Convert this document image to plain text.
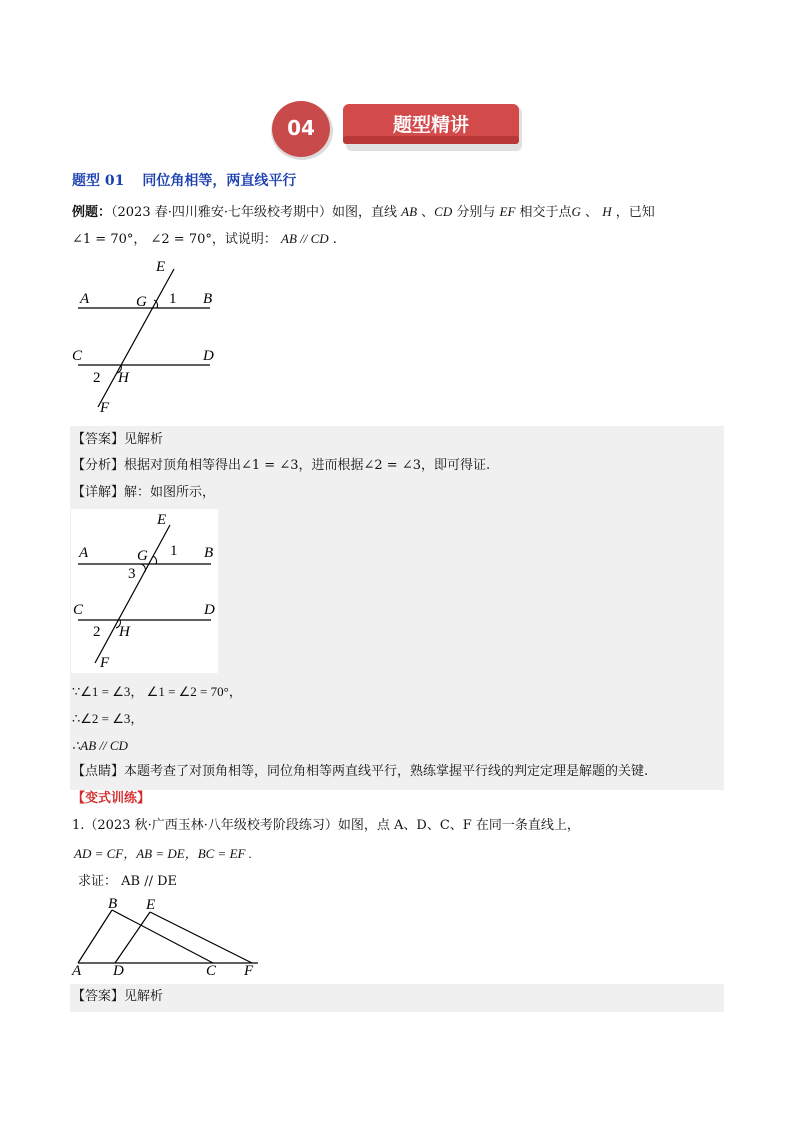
04	题型精讲
题型 01 同位角相等，两直线平行
例题：（2023 春·四川雅安·七年级校考期中）如图，直线 AB 、CD 分别与 EF 相交于点G 、 H ，已知
∠1 = 70°， ∠2 = 70°，试说明： AB // CD .
E
A	G 1 B
C	D
2 H
F
【答案】见解析
【分析】根据对顶角相等得出∠1 = ∠3，进而根据∠2 = ∠3，即可得证.
【详解】解：如图所示，
E
A	G 1 B
3
C	D
2 H
F
∵∠1 = ∠3， ∠1 = ∠2 = 70°，
∴∠2 = ∠3，
∴AB // CD
【点睛】本题考查了对顶角相等，同位角相等两直线平行，熟练掌握平行线的判定定理是解题的关键.
【变式训练】
1.（2023 秋·广西玉林·八年级校考阶段练习）如图，点 A、D、C、F 在同一条直线上，
AD = CF，AB = DE，BC = EF .
求证： AB // DE
B E
A D	C F
【答案】见解析
